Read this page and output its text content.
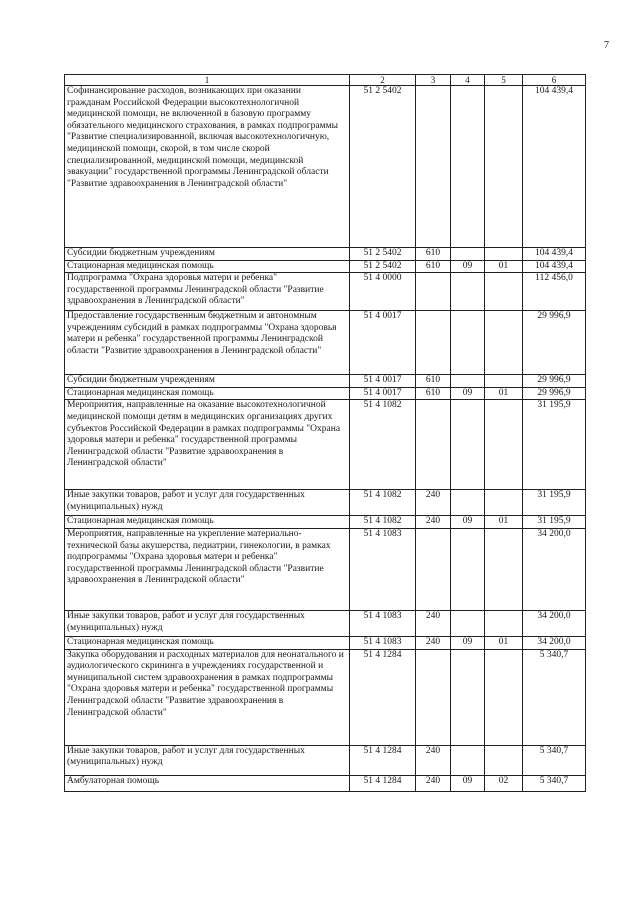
7
1	2	3	4	5	6
Софинансирование расходов, возникающих при оказании гражданам Российской Федерации высокотехнологичной медицинской помощи, не включенной в базовую программу обязательного медицинского страхования, в рамках подпрограммы "Развитие специализированной, включая высокотехнологичную, медицинской помощи, скорой, в том числе скорой специализированной, медицинской помощи, медицинской эвакуации" государственной программы Ленинградской области "Развитие здравоохранения в Ленинградской области"	51 2 5402				104 439,4
Субсидии бюджетным учреждениям	51 2 5402	610			104 439,4
Стационарная медицинская помощь	51 2 5402	610	09	01	104 439,4
Подпрограмма "Охрана здоровья матери и ребенка" государственной программы Ленинградской области "Развитие здравоохранения в Ленинградской области"	51 4 0000				112 456,0
Предоставление государственным бюджетным и автономным учреждениям субсидий в рамках подпрограммы "Охрана здоровья матери и ребенка" государственной программы Ленинградской области "Развитие здравоохранения в Ленинградской области"	51 4 0017				29 996,9
Субсидии бюджетным учреждениям	51 4 0017	610			29 996,9
Стационарная медицинская помощь	51 4 0017	610	09	01	29 996,9
Мероприятия, направленные на оказание высокотехнологичной медицинской помощи детям в медицинских организациях других субъектов Российской Федерации в рамках подпрограммы "Охрана здоровья матери и ребенка" государственной программы Ленинградской области "Развитие здравоохранения в Ленинградской области"	51 4 1082				31 195,9
Иные закупки товаров, работ и услуг для государственных (муниципальных) нужд	51 4 1082	240			31 195,9
Стационарная медицинская помощь	51 4 1082	240	09	01	31 195,9
Мероприятия, направленные на укрепление материально-технической базы акушерства, педиатрии, гинекологии, в рамках подпрограммы "Охрана здоровья матери и ребенка" государственной программы Ленинградской области "Развитие здравоохранения в Ленинградской области"	51 4 1083				34 200,0
Иные закупки товаров, работ и услуг для государственных (муниципальных) нужд	51 4 1083	240			34 200,0
Стационарная медицинская помощь	51 4 1083	240	09	01	34 200,0
Закупка оборудования и расходных материалов для неонатального и аудиологического скрининга в учреждениях государственной и муниципальной систем здравоохранения в рамках подпрограммы "Охрана здоровья матери и ребенка" государственной программы Ленинградской области "Развитие здравоохранения в Ленинградской области"	51 4 1284				5 340,7
Иные закупки товаров, работ и услуг для государственных (муниципальных) нужд	51 4 1284	240			5 340,7
Амбулаторная помощь	51 4 1284	240	09	02	5 340,7
